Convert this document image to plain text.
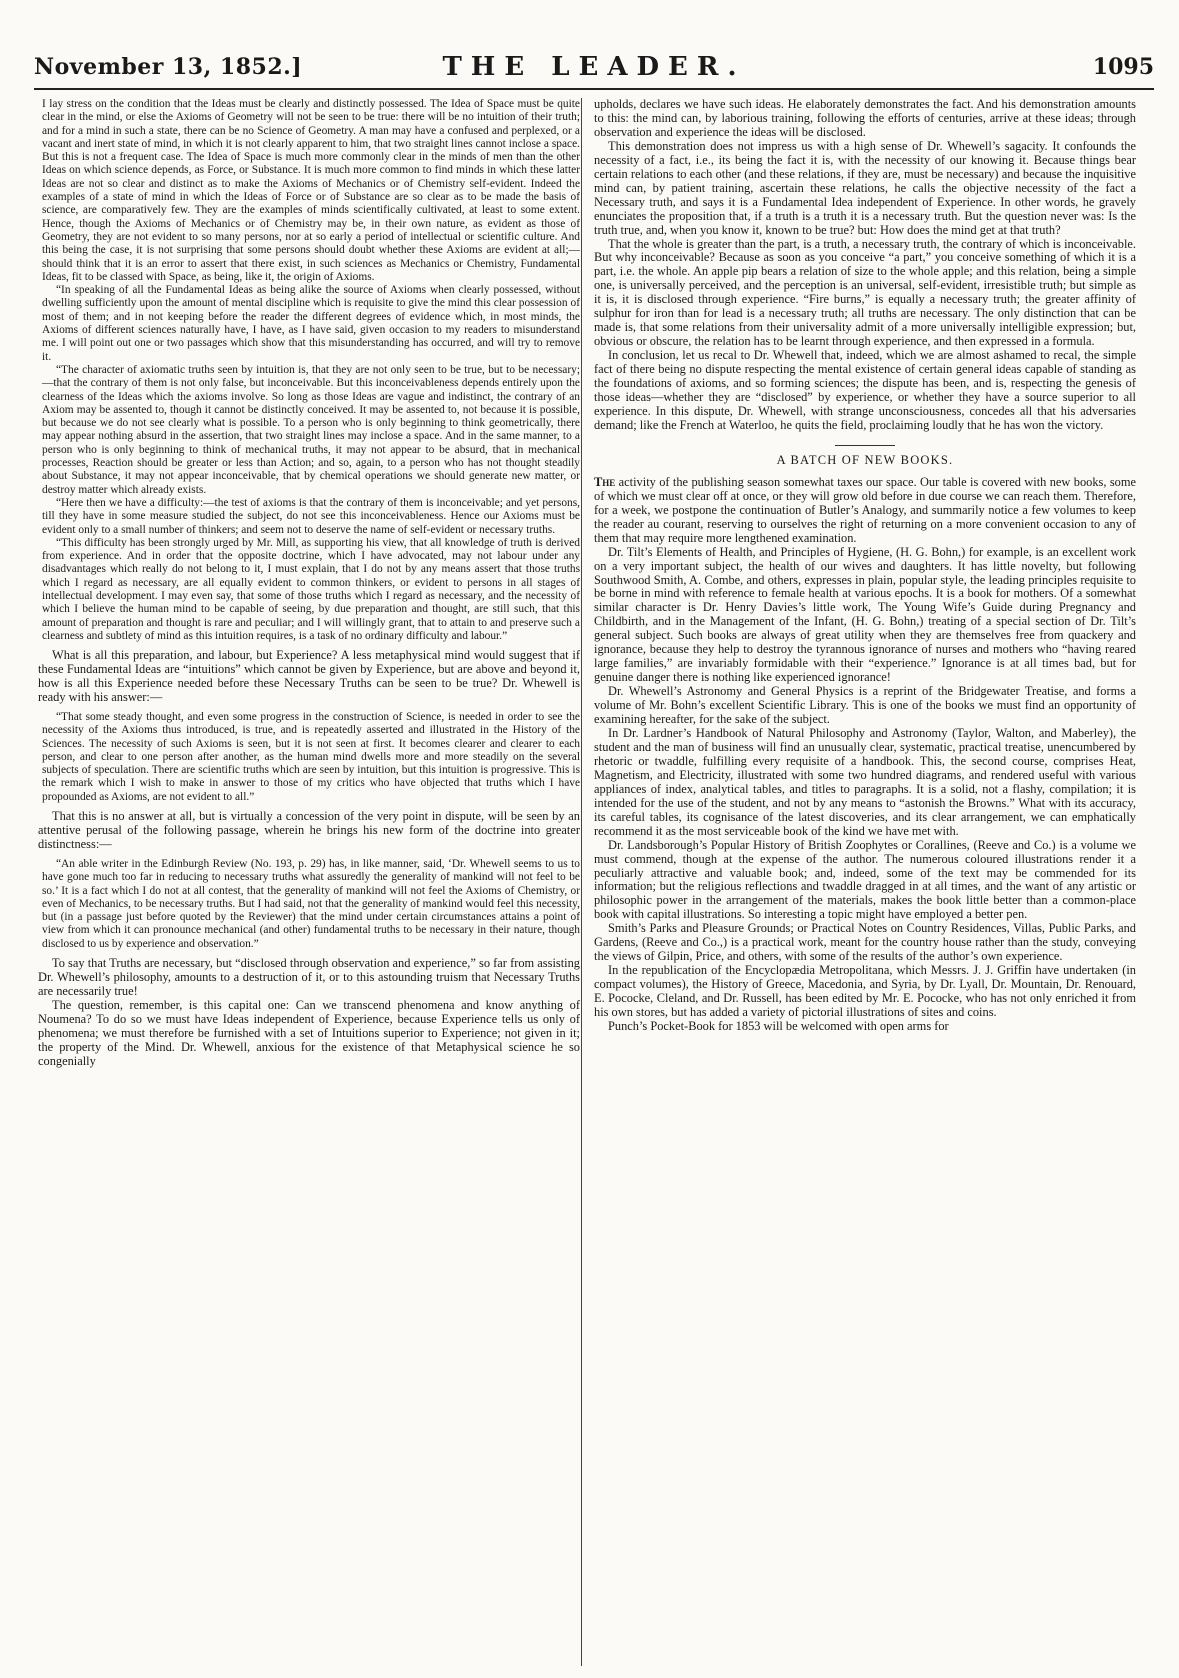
November 13, 1852.]	THE LEADER.	1095

I lay stress on the condition that the Ideas must be clearly and distinctly possessed. The Idea of Space must be quite clear in the mind, or else the Axioms of Geometry will not be seen to be true: there will be no intuition of their truth; and for a mind in such a state, there can be no Science of Geometry. A man may have a confused and perplexed, or a vacant and inert state of mind, in which it is not clearly apparent to him, that two straight lines cannot inclose a space. But this is not a frequent case. The Idea of Space is much more commonly clear in the minds of men than the other Ideas on which science depends, as Force, or Substance. It is much more common to find minds in which these latter Ideas are not so clear and distinct as to make the Axioms of Mechanics or of Chemistry self-evident. Indeed the examples of a state of mind in which the Ideas of Force or of Substance are so clear as to be made the basis of science, are comparatively few. They are the examples of minds scientifically cultivated, at least to some extent. Hence, though the Axioms of Mechanics or of Chemistry may be, in their own nature, as evident as those of Geometry, they are not evident to so many persons, nor at so early a period of intellectual or scientific culture. And this being the case, it is not surprising that some persons should doubt whether these Axioms are evident at all;—should think that it is an error to assert that there exist, in such sciences as Mechanics or Chemistry, Fundamental Ideas, fit to be classed with Space, as being, like it, the origin of Axioms.

“In speaking of all the Fundamental Ideas as being alike the source of Axioms when clearly possessed, without dwelling sufficiently upon the amount of mental discipline which is requisite to give the mind this clear possession of most of them; and in not keeping before the reader the different degrees of evidence which, in most minds, the Axioms of different sciences naturally have, I have, as I have said, given occasion to my readers to misunderstand me. I will point out one or two passages which show that this misunderstanding has occurred, and will try to remove it.

“The character of axiomatic truths seen by intuition is, that they are not only seen to be true, but to be necessary;—that the contrary of them is not only false, but inconceivable. But this inconceivableness depends entirely upon the clearness of the Ideas which the axioms involve. So long as those Ideas are vague and indistinct, the contrary of an Axiom may be assented to, though it cannot be distinctly conceived. It may be assented to, not because it is possible, but because we do not see clearly what is possible. To a person who is only beginning to think geometrically, there may appear nothing absurd in the assertion, that two straight lines may inclose a space. And in the same manner, to a person who is only beginning to think of mechanical truths, it may not appear to be absurd, that in mechanical processes, Reaction should be greater or less than Action; and so, again, to a person who has not thought steadily about Substance, it may not appear inconceivable, that by chemical operations we should generate new matter, or destroy matter which already exists.

“Here then we have a difficulty:—the test of axioms is that the contrary of them is inconceivable; and yet persons, till they have in some measure studied the subject, do not see this inconceivableness. Hence our Axioms must be evident only to a small number of thinkers; and seem not to deserve the name of self-evident or necessary truths.

“This difficulty has been strongly urged by Mr. Mill, as supporting his view, that all knowledge of truth is derived from experience. And in order that the opposite doctrine, which I have advocated, may not labour under any disadvantages which really do not belong to it, I must explain, that I do not by any means assert that those truths which I regard as necessary, are all equally evident to common thinkers, or evident to persons in all stages of intellectual development. I may even say, that some of those truths which I regard as necessary, and the necessity of which I believe the human mind to be capable of seeing, by due preparation and thought, are still such, that this amount of preparation and thought is rare and peculiar; and I will willingly grant, that to attain to and preserve such a clearness and subtlety of mind as this intuition requires, is a task of no ordinary difficulty and labour.”

What is all this preparation, and labour, but Experience? A less metaphysical mind would suggest that if these Fundamental Ideas are “intuitions” which cannot be given by Experience, but are above and beyond it, how is all this Experience needed before these Necessary Truths can be seen to be true? Dr. Whewell is ready with his answer:—

“That some steady thought, and even some progress in the construction of Science, is needed in order to see the necessity of the Axioms thus introduced, is true, and is repeatedly asserted and illustrated in the History of the Sciences. The necessity of such Axioms is seen, but it is not seen at first. It becomes clearer and clearer to each person, and clear to one person after another, as the human mind dwells more and more steadily on the several subjects of speculation. There are scientific truths which are seen by intuition, but this intuition is progressive. This is the remark which I wish to make in answer to those of my critics who have objected that truths which I have propounded as Axioms, are not evident to all.”

That this is no answer at all, but is virtually a concession of the very point in dispute, will be seen by an attentive perusal of the following passage, wherein he brings his new form of the doctrine into greater distinctness:—

“An able writer in the Edinburgh Review (No. 193, p. 29) has, in like manner, said, ‘Dr. Whewell seems to us to have gone much too far in reducing to necessary truths what assuredly the generality of mankind will not feel to be so.’ It is a fact which I do not at all contest, that the generality of mankind will not feel the Axioms of Chemistry, or even of Mechanics, to be necessary truths. But I had said, not that the generality of mankind would feel this necessity, but (in a passage just before quoted by the Reviewer) that the mind under certain circumstances attains a point of view from which it can pronounce mechanical (and other) fundamental truths to be necessary in their nature, though disclosed to us by experience and observation.”

To say that Truths are necessary, but “disclosed through observation and experience,” so far from assisting Dr. Whewell’s philosophy, amounts to a destruction of it, or to this astounding truism that Necessary Truths are necessarily true!

The question, remember, is this capital one: Can we transcend phenomena and know anything of Noumena? To do so we must have Ideas independent of Experience, because Experience tells us only of phenomena; we must therefore be furnished with a set of Intuitions superior to Experience; not given in it; the property of the Mind. Dr. Whewell, anxious for the existence of that Metaphysical science he so congenially

upholds, declares we have such ideas. He elaborately demonstrates the fact. And his demonstration amounts to this: the mind can, by laborious training, following the efforts of centuries, arrive at these ideas; through observation and experience the ideas will be disclosed.

This demonstration does not impress us with a high sense of Dr. Whewell’s sagacity. It confounds the necessity of a fact, i.e., its being the fact it is, with the necessity of our knowing it. Because things bear certain relations to each other (and these relations, if they are, must be necessary) and because the inquisitive mind can, by patient training, ascertain these relations, he calls the objective necessity of the fact a Necessary truth, and says it is a Fundamental Idea independent of Experience. In other words, he gravely enunciates the proposition that, if a truth is a truth it is a necessary truth. But the question never was: Is the truth true, and, when you know it, known to be true? but: How does the mind get at that truth?

That the whole is greater than the part, is a truth, a necessary truth, the contrary of which is inconceivable. But why inconceivable? Because as soon as you conceive “a part,” you conceive something of which it is a part, i.e. the whole. An apple pip bears a relation of size to the whole apple; and this relation, being a simple one, is universally perceived, and the perception is an universal, self-evident, irresistible truth; but simple as it is, it is disclosed through experience. “Fire burns,” is equally a necessary truth; the greater affinity of sulphur for iron than for lead is a necessary truth; all truths are necessary. The only distinction that can be made is, that some relations from their universality admit of a more universally intelligible expression; but, obvious or obscure, the relation has to be learnt through experience, and then expressed in a formula.

In conclusion, let us recal to Dr. Whewell that, indeed, which we are almost ashamed to recal, the simple fact of there being no dispute respecting the mental existence of certain general ideas capable of standing as the foundations of axioms, and so forming sciences; the dispute has been, and is, respecting the genesis of those ideas—whether they are “disclosed” by experience, or whether they have a source superior to all experience. In this dispute, Dr. Whewell, with strange unconsciousness, concedes all that his adversaries demand; like the French at Waterloo, he quits the field, proclaiming loudly that he has won the victory.

A BATCH OF NEW BOOKS.

The activity of the publishing season somewhat taxes our space. Our table is covered with new books, some of which we must clear off at once, or they will grow old before in due course we can reach them. Therefore, for a week, we postpone the continuation of Butler’s Analogy, and summarily notice a few volumes to keep the reader au courant, reserving to ourselves the right of returning on a more convenient occasion to any of them that may require more lengthened examination.

Dr. Tilt’s Elements of Health, and Principles of Hygiene, (H. G. Bohn,) for example, is an excellent work on a very important subject, the health of our wives and daughters. It has little novelty, but following Southwood Smith, A. Combe, and others, expresses in plain, popular style, the leading principles requisite to be borne in mind with reference to female health at various epochs. It is a book for mothers. Of a somewhat similar character is Dr. Henry Davies’s little work, The Young Wife’s Guide during Pregnancy and Childbirth, and in the Management of the Infant, (H. G. Bohn,) treating of a special section of Dr. Tilt’s general subject. Such books are always of great utility when they are themselves free from quackery and ignorance, because they help to destroy the tyrannous ignorance of nurses and mothers who “having reared large families,” are invariably formidable with their “experience.” Ignorance is at all times bad, but for genuine danger there is nothing like experienced ignorance!

Dr. Whewell’s Astronomy and General Physics is a reprint of the Bridgewater Treatise, and forms a volume of Mr. Bohn’s excellent Scientific Library. This is one of the books we must find an opportunity of examining hereafter, for the sake of the subject.

In Dr. Lardner’s Handbook of Natural Philosophy and Astronomy (Taylor, Walton, and Maberley), the student and the man of business will find an unusually clear, systematic, practical treatise, unencumbered by rhetoric or twaddle, fulfilling every requisite of a handbook. This, the second course, comprises Heat, Magnetism, and Electricity, illustrated with some two hundred diagrams, and rendered useful with various appliances of index, analytical tables, and titles to paragraphs. It is a solid, not a flashy, compilation; it is intended for the use of the student, and not by any means to “astonish the Browns.” What with its accuracy, its careful tables, its cognisance of the latest discoveries, and its clear arrangement, we can emphatically recommend it as the most serviceable book of the kind we have met with.

Dr. Landsborough’s Popular History of British Zoophytes or Corallines, (Reeve and Co.) is a volume we must commend, though at the expense of the author. The numerous coloured illustrations render it a peculiarly attractive and valuable book; and, indeed, some of the text may be commended for its information; but the religious reflections and twaddle dragged in at all times, and the want of any artistic or philosophic power in the arrangement of the materials, makes the book little better than a common-place book with capital illustrations. So interesting a topic might have employed a better pen.

Smith’s Parks and Pleasure Grounds; or Practical Notes on Country Residences, Villas, Public Parks, and Gardens, (Reeve and Co.,) is a practical work, meant for the country house rather than the study, conveying the views of Gilpin, Price, and others, with some of the results of the author’s own experience.

In the republication of the Encyclopædia Metropolitana, which Messrs. J. J. Griffin have undertaken (in compact volumes), the History of Greece, Macedonia, and Syria, by Dr. Lyall, Dr. Mountain, Dr. Renouard, E. Pococke, Cleland, and Dr. Russell, has been edited by Mr. E. Pococke, who has not only enriched it from his own stores, but has added a variety of pictorial illustrations of sites and coins.

Punch’s Pocket-Book for 1853 will be welcomed with open arms for
